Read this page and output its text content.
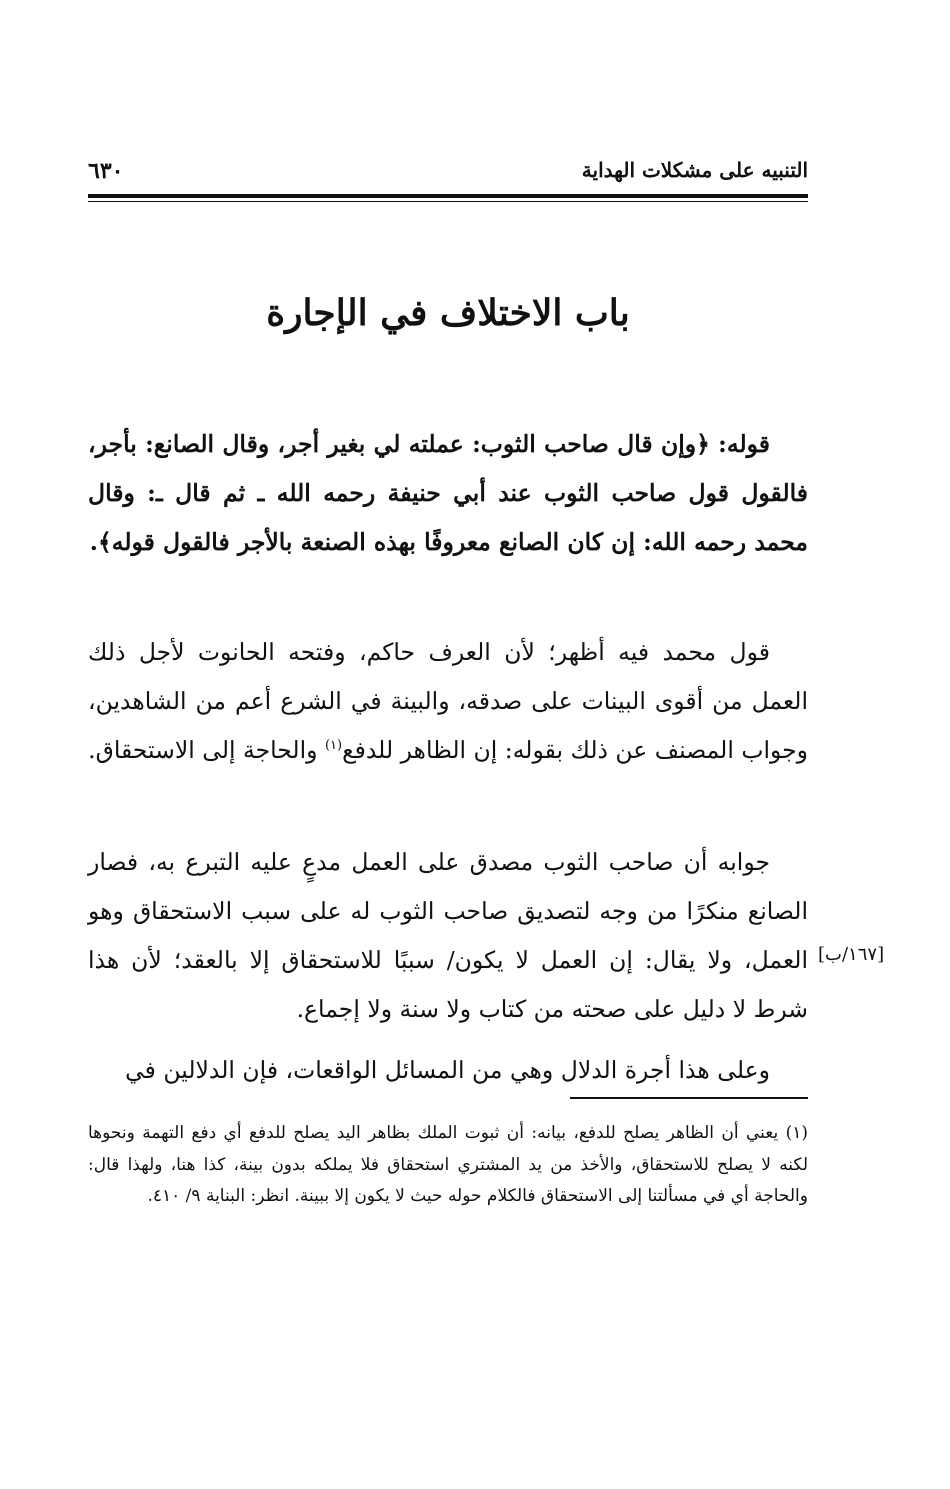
التنبيه على مشكلات الهداية
٦٣٠
باب الاختلاف في الإجارة

قوله: ﴿وإن قال صاحب الثوب: عملته لي بغير أجر، وقال الصانع: بأجر، فالقول قول صاحب الثوب عند أبي حنيفة رحمه الله ـ ثم قال ـ: وقال محمد رحمه الله: إن كان الصانع معروفًا بهذه الصنعة بالأجر فالقول قوله﴾.

قول محمد فيه أظهر؛ لأن العرف حاكم، وفتحه الحانوت لأجل ذلك العمل من أقوى البينات على صدقه، والبينة في الشرع أعم من الشاهدين، وجواب المصنف عن ذلك بقوله: إن الظاهر للدفع$^{(١)}$ والحاجة إلى الاستحقاق.

جوابه أن صاحب الثوب مصدق على العمل مدعٍ عليه التبرع به، فصار الصانع منكرًا من وجه لتصديق صاحب الثوب له على سبب الاستحقاق وهو العمل، ولا يقال: إن العمل لا يكون/ سببًا للاستحقاق إلا بالعقد؛ لأن هذا شرط لا دليل على صحته من كتاب ولا سنة ولا إجماع.

[١٦٧/ب]

وعلى هذا أجرة الدلال وهي من المسائل الواقعات، فإن الدلالين في

(١) يعني أن الظاهر يصلح للدفع، بيانه: أن ثبوت الملك بظاهر اليد يصلح للدفع أي دفع التهمة ونحوها لكنه لا يصلح للاستحقاق، والأخذ من يد المشتري استحقاق فلا يملكه بدون بينة، كذا هنا، ولهذا قال: والحاجة أي في مسألتنا إلى الاستحقاق فالكلام حوله حيث لا يكون إلا ببينة. انظر: البناية ٩/ ٤١٠.
